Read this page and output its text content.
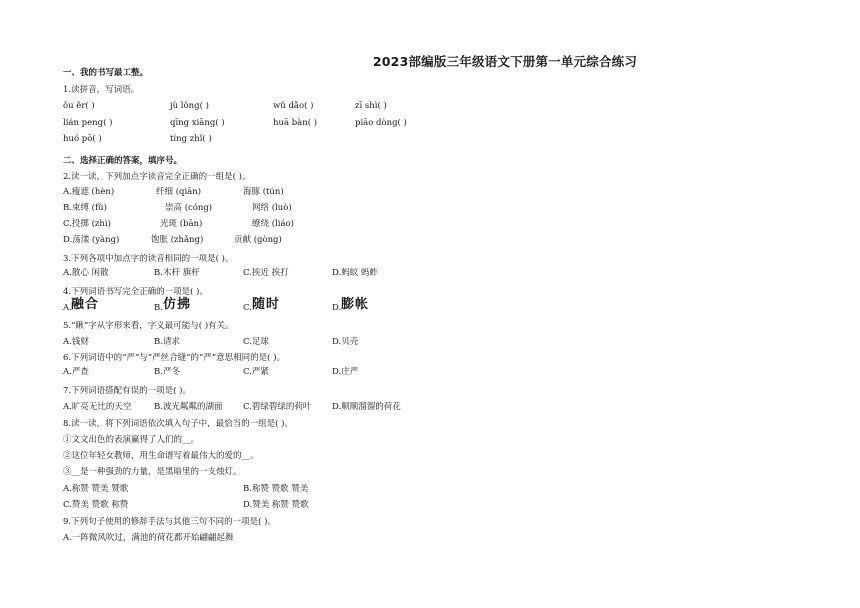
2023部编版三年级语文下册第一单元综合练习
一、我的书写最工整。
1.读拼音，写词语。
ǒu ěr( )	jù lǒng( )	wǔ dǎo( )	zī shì( )
lián peng( )	qīng xiāng( )	huā bàn( )	piāo dòng( )
huó pō( )	tíng zhǐ( )
二、选择正确的答案，填序号。
2.读一读，下列加点字读音完全正确的一组是( )。
A.瘦遮 (hèn)	纤细 (qiān)	海豚 (tún)
B.束缚 (fù)	崇高 (cóng)	网络 (luò)
C.投掷 (zhì)	光斑 (bān)	缭绕 (liáo)
D.荡漾 (yàng)	饱胀 (zhǎng)	贡献 (gòng)
3.下列各项中加点字的读音相同的一项是( )。
A.散心 闲散	B.木杆 旗杆	C.挨近 挨打	D.蚂蚁 蚂蚱
4.下列词语书写完全正确的一项是( )。
A. 融合	B. 仿拂	C. 随时	D. 膨帐
5.“瞅”字从字形来看，字义最可能与( )有关。
A.钱财	B.请求	C.足球	D.贝壳
6.下列词语中的“严”与“严丝合缝”的“严”意思相同的是( )。
A.严查	B.严冬	C.严紧	D.庄严
7.下列词语搭配有误的一项是( )。
A.旷亮无比的天空	B.波光粼粼的湖面 C.碧绿碧绿的荷叶 D.顺顺溜溜的荷花
8.读一读，将下列词语依次填入句子中，最恰当的一组是( )。
①文文出色的表演赢得了人们的__。
②这位年轻女教师，用生命谱写着最伟大的爱的__。
③__是一种强劲的力量，是黑暗里的一支烛灯。
A.称赞 赞美 赞歌	B.称赞 赞歌 赞美
C.赞美 赞歌 称赞	D.赞美 称赞 赞歌
9.下列句子使用的修辞手法与其他三句不同的一项是( )。
A.一阵微风吹过，满池的荷花都开始翩翩起舞
